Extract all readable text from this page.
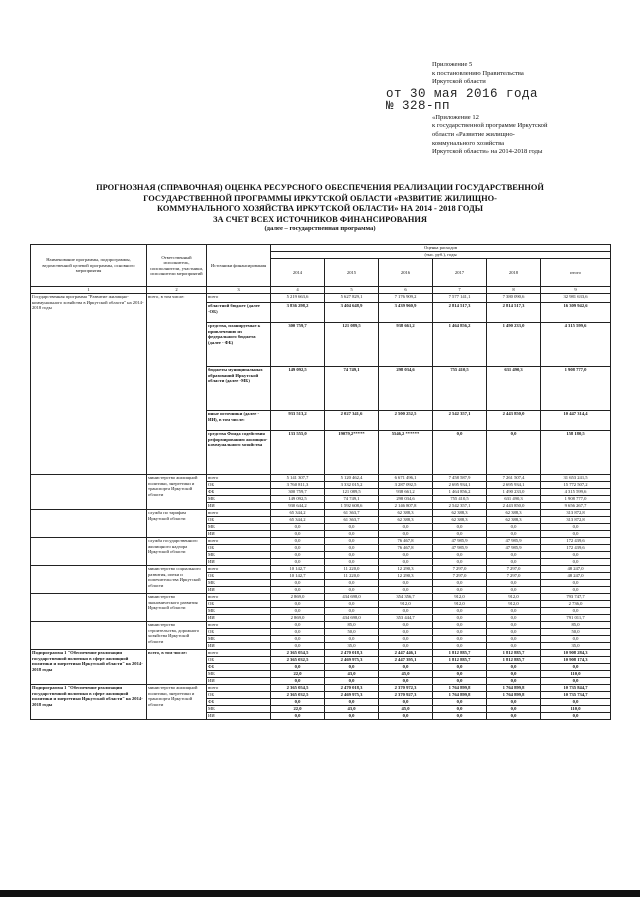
Приложение 5
к постановлению Правительства
Иркутской области
от 30 мая 2016 года
№ 328-пп
«Приложение 12
к государственной программе Иркутской
области «Развитие жилищно-
коммунального хозяйства
Иркутской области» на 2014-2018 годы
ПРОГНОЗНАЯ (СПРАВОЧНАЯ) ОЦЕНКА РЕСУРСНОГО ОБЕСПЕЧЕНИЯ РЕАЛИЗАЦИИ ГОСУДАРСТВЕННОЙ
ГОСУДАРСТВЕННОЙ ПРОГРАММЫ ИРКУТСКОЙ ОБЛАСТИ «РАЗВИТИЕ ЖИЛИЩНО-
КОММУНАЛЬНОГО ХОЗЯЙСТВА ИРКУТСКОЙ ОБЛАСТИ» НА 2014 - 2018 ГОДЫ
ЗА СЧЕТ ВСЕХ ИСТОЧНИКОВ ФИНАНСИРОВАНИЯ
(далее – государственная программа)
Наименование программы, подпрограммы, ведомственной целевой программы, основного мероприятия	Ответственный исполнитель, соисполнители, участники, исполнители мероприятий	Источники финансирования	Оценка расходов					
			(тыс. руб.), годы					
			2014	2015	2016	2017	2018	итого
1	2	3	4	5	6	7	8	9
Государственная программа "Развитие жилищно-коммунального хозяйства в Иркутской области" на 2014-2018 годы	всего, в том числе:	всего	5 219 663,6	5 627 829,1	7 176 909,2	7 577 141,1	7 380 090,6	32 981 633,6
		областной бюджет (далее -ОБ)	3 836 298,2	3 404 648,9	3 439 960,9	2 814 517,3	2 814 517,3	16 309 942,6
		средства, планируемые к привлечению из федерального бюджета (далее - ФБ)	300 759,7	121 089,5	938 661,2	1 464 856,2	1 490 233,0	4 315 599,6
		бюджеты муниципальных образований Иркутской области (далее -МБ)	149 092,5	74 749,1	298 034,6	755 410,5	631 490,3	1 908 777,0
		иные источники (далее - ИИ), в том числе:	933 513,2	2 027 341,6	2 500 252,5	2 542 357,1	2 443 850,0	10 447 314,4
		средства Фонда содействия реформированию жилищно-коммунального хозяйства	133 555,0	19079,2*****	5546,2 ******	0,0	0,0	158 180,5
	министерство жилищной политики, энергетики и транспорта Иркутской области	всего	5 141 307,7	5 120 462,4	6 671 496,1	7 458 587,9	7 261 507,4	31 653 241,5
		ОБ	3 760 811,3	3 332 015,2	3 287 092,5	2 695 934,1	2 695 934,1	15 772 507,2
		ФБ	300 759,7	121 089,5	938 661,2	1 464 856,2	1 490 233,0	4 315 599,6
		МБ	149 092,5	74 749,1	298 034,6	755 410,5	631 490,3	1 908 777,0
		ИИ	930 644,2	1 592 608,6	2 146 807,8	2 542 357,1	2 443 850,0	9 656 267,7
	служба по тарифам Иркутской области	всего	65 344,2	61 363,7	62 388,3	62 388,3	62 388,3	313 872,8
		ОБ	65 344,2	61 363,7	62 388,3	62 388,3	62 388,3	313 872,8
		МБ	0,0	0,0	0,0	0,0	0,0	0,0
		ИИ	0,0	0,0	0,0	0,0	0,0	0,0
	служба государственного жилищного надзора Иркутской области	всего	0,0	0,0	76 467,8	47 985,9	47 985,9	172 439,6
		ОБ	0,0	0,0	76 467,8	47 985,9	47 985,9	172 439,6
		МБ	0,0	0,0	0,0	0,0	0,0	0,0
		ИИ	0,0	0,0	0,0	0,0	0,0	0,0
	министерство социального развития, опеки и попечительства Иркутской области	всего	10 142,7	11 220,0	12 290,3	7 297,0	7 297,0	48 247,0
		ОБ	10 142,7	11 220,0	12 290,3	7 297,0	7 297,0	48 247,0
		МБ	0,0	0,0	0,0	0,0	0,0	0,0
		ИИ	0,0	0,0	0,0	0,0	0,0	0,0
	министерство экономического развития Иркутской области	всего	2 869,0	434 698,0	354 356,7	912,0	912,0	793 747,7
		ОБ	0,0	0,0	912,0	912,0	912,0	2 736,0
		МБ	0,0	0,0	0,0	0,0	0,0	0,0
		ИИ	2 869,0	434 698,0	353 444,7	0,0	0,0	791 011,7
	министерство строительства, дорожного хозяйства Иркутской области	всего	0,0	85,0	0,0	0,0	0,0	85,0
		ОБ	0,0	50,0	0,0	0,0	0,0	50,0
		МБ	0,0	0,0	0,0	0,0	0,0	0,0
		ИИ	0,0	35,0	0,0	0,0	0,0	35,0
Подпрограмма 1 "Обеспечение реализации государственной политики в сфере жилищной политики и энергетики Иркутской области" на 2014-2018 годы	всего, в том числе:	всего	2 365 054,5	2 470 018,3	2 447 446,1	1 812 885,7	1 812 885,7	10 908 284,3
		ОБ	2 365 032,5	2 469 975,3	2 447 395,1	1 812 885,7	1 812 885,7	10 908 174,3
		ФБ	0,0	0,0	0,0	0,0	0,0	0,0
		МБ	22,0	43,0	45,0	0,0	0,0	110,0
		ИИ	0,0	0,0	0,0	0,0	0,0	0,0
Подпрограмма 1 "Обеспечение реализации государственной политики в сфере жилищной политики и энергетики Иркутской области" на 2014-2018 годы	министерство жилищной политики, энергетики и транспорта Иркутской области	всего	2 365 054,5	2 470 018,3	2 370 972,3	1 764 899,8	1 764 899,8	10 735 844,7
		ОБ	2 365 032,5	2 469 975,3	2 370 927,3	1 764 899,8	1 764 899,8	10 735 734,7
		ФБ	0,0	0,0	0,0	0,0	0,0	0,0
		МБ	22,0	43,0	45,0	0,0	0,0	110,0
		ИИ	0,0	0,0	0,0	0,0	0,0	0,0
